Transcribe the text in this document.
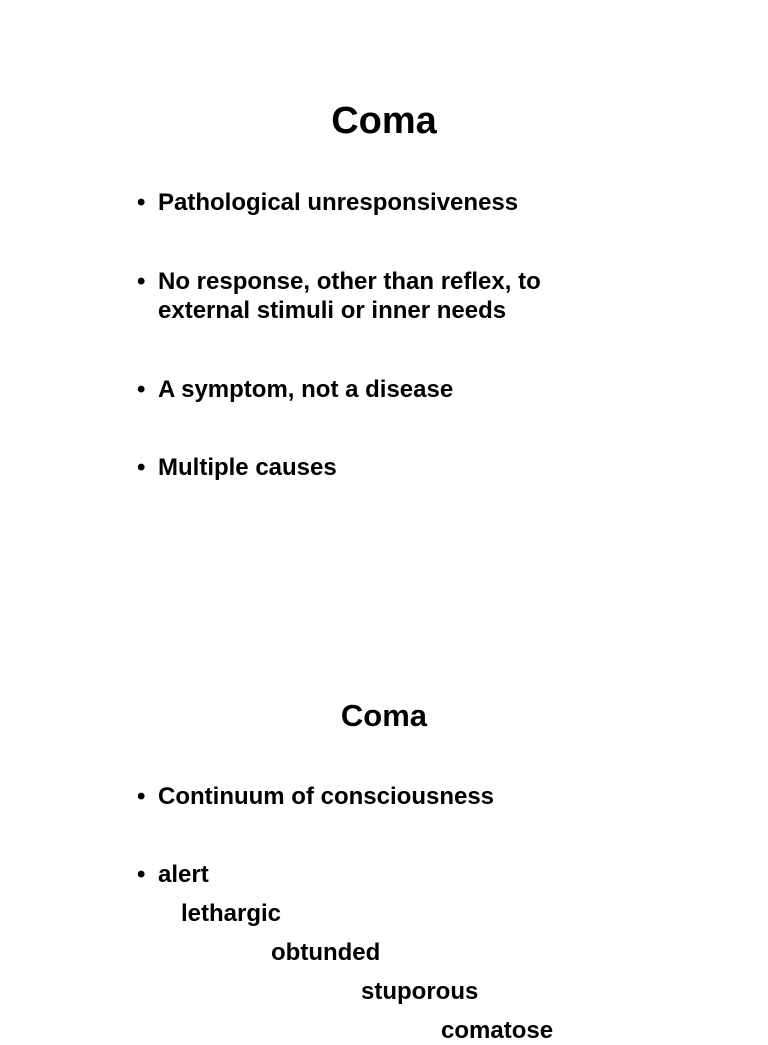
Coma
• Pathological unresponsiveness
• No response, other than reflex, to
external stimuli or inner needs
• A symptom, not a disease
• Multiple causes
Coma
• Continuum of consciousness
• alert
lethargic
obtunded
stuporous
comatose
